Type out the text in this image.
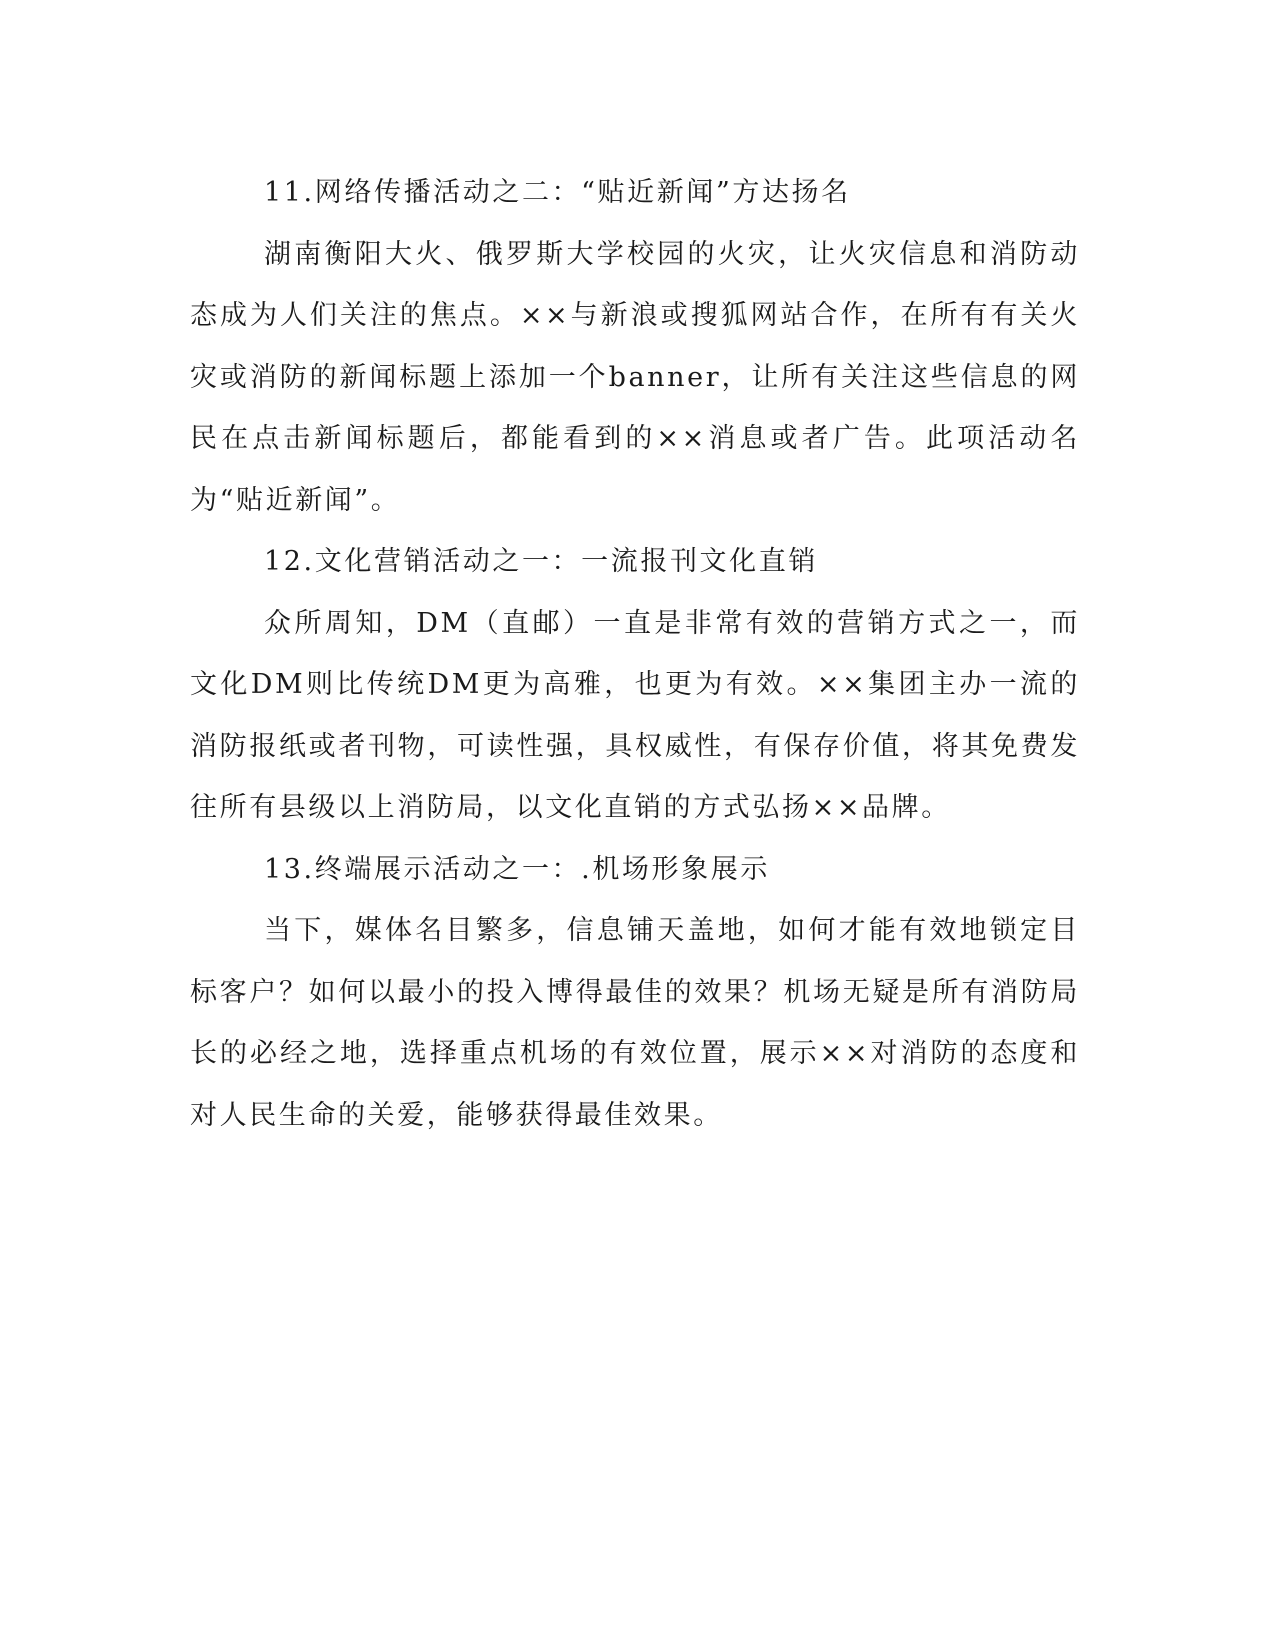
11.网络传播活动之二：“贴近新闻”方达扬名

湖南衡阳大火、俄罗斯大学校园的火灾，让火灾信息和消防动态成为人们关注的焦点。××与新浪或搜狐网站合作，在所有有关火灾或消防的新闻标题上添加一个banner，让所有关注这些信息的网民在点击新闻标题后，都能看到的××消息或者广告。此项活动名为“贴近新闻”。

12.文化营销活动之一：一流报刊文化直销

众所周知，DM（直邮）一直是非常有效的营销方式之一，而文化DM则比传统DM更为高雅，也更为有效。××集团主办一流的消防报纸或者刊物，可读性强，具权威性，有保存价值，将其免费发往所有县级以上消防局，以文化直销的方式弘扬××品牌。

13.终端展示活动之一：.机场形象展示

当下，媒体名目繁多，信息铺天盖地，如何才能有效地锁定目标客户？如何以最小的投入博得最佳的效果？机场无疑是所有消防局长的必经之地，选择重点机场的有效位置，展示××对消防的态度和对人民生命的关爱，能够获得最佳效果。
